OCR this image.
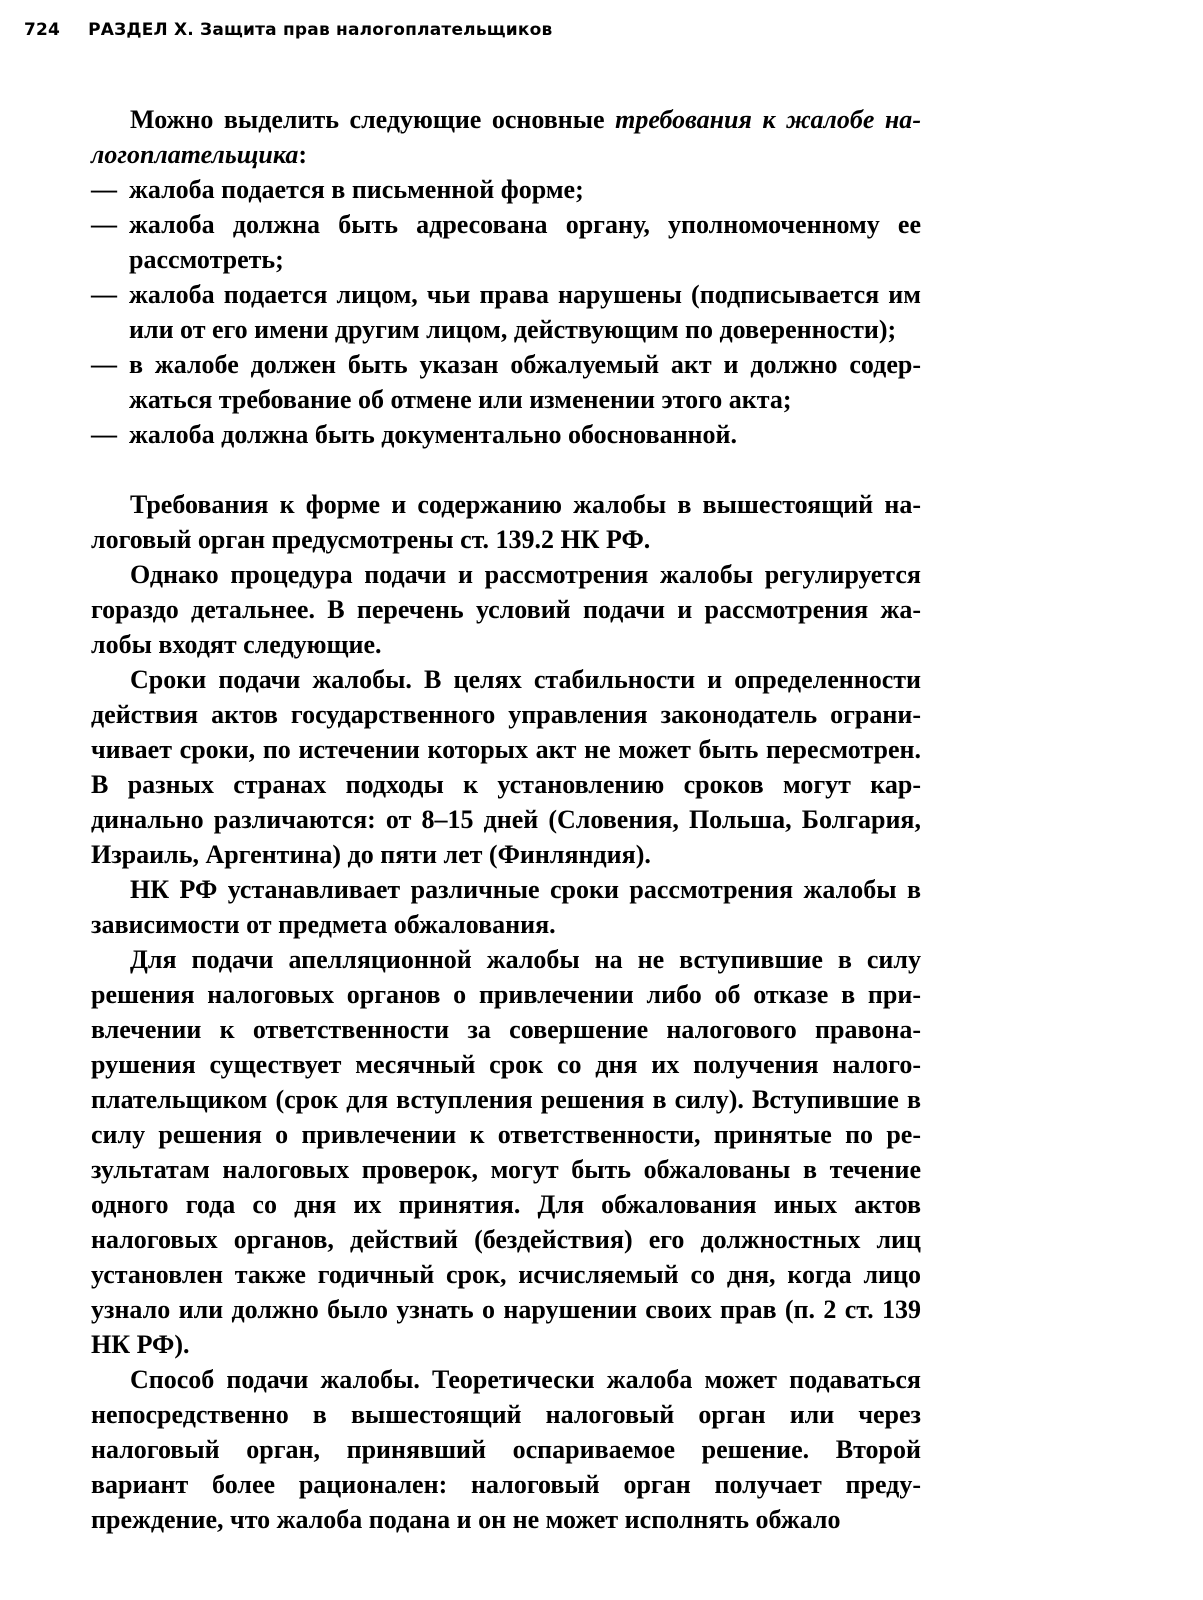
724 РАЗДЕЛ X. Защита прав налогоплательщиков

Можно выделить следующие основные требования к жалобе налогоплательщика:

— жалоба подается в письменной форме;
— жалоба должна быть адресована органу, уполномоченному ее рассмотреть;
— жалоба подается лицом, чьи права нарушены (подписывается им или от его имени другим лицом, действующим по доверенности);
— в жалобе должен быть указан обжалуемый акт и должно содержаться требование об отмене или изменении этого акта;
— жалоба должна быть документально обоснованной.

Требования к форме и содержанию жалобы в вышестоящий налоговый орган предусмотрены ст. 139.2 НК РФ.

Однако процедура подачи и рассмотрения жалобы регулируется гораздо детальнее. В перечень условий подачи и рассмотрения жалобы входят следующие.

Сроки подачи жалобы. В целях стабильности и определенности действия актов государственного управления законодатель ограничивает сроки, по истечении которых акт не может быть пересмотрен. В разных странах подходы к установлению сроков могут кардинально различаются: от 8–15 дней (Словения, Польша, Болгария, Израиль, Аргентина) до пяти лет (Финляндия).

НК РФ устанавливает различные сроки рассмотрения жалобы в зависимости от предмета обжалования.

Для подачи апелляционной жалобы на не вступившие в силу решения налоговых органов о привлечении либо об отказе в привлечении к ответственности за совершение налогового правонарушения существует месячный срок со дня их получения налогоплательщиком (срок для вступления решения в силу). Вступившие в силу решения о привлечении к ответственности, принятые по результатам налоговых проверок, могут быть обжалованы в течение одного года со дня их принятия. Для обжалования иных актов налоговых органов, действий (бездействия) его должностных лиц установлен также годичный срок, исчисляемый со дня, когда лицо узнало или должно было узнать о нарушении своих прав (п. 2 ст. 139 НК РФ).

Способ подачи жалобы. Теоретически жалоба может подаваться непосредственно в вышестоящий налоговый орган или через налоговый орган, принявший оспариваемое решение. Второй вариант более рационален: налоговый орган получает предупреждение, что жалоба подана и он не может исполнять обжало
